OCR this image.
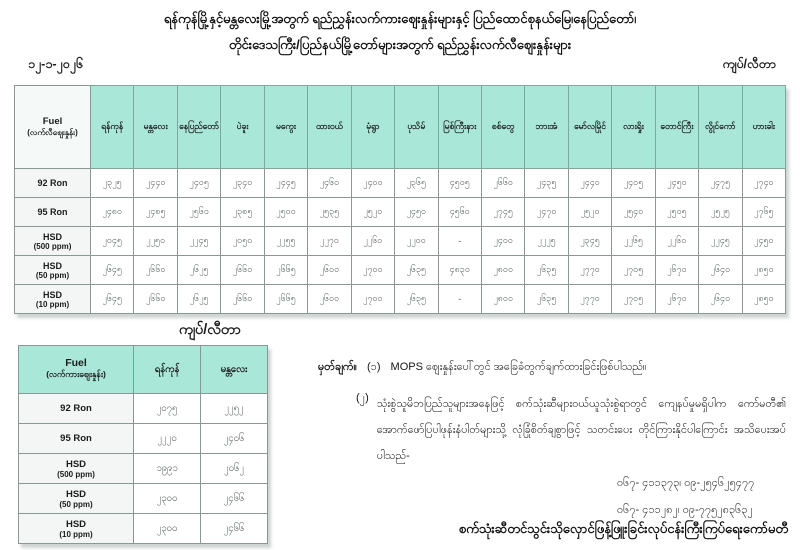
ရန်ကုန်မြို့နှင့်မန္တလေးမြို့အတွက် ရည်ညွှန်းလက်ကားဈေးနှုန်းများနှင့် ပြည်ထောင်စုနယ်မြေ၊နေပြည်တော်၊
တိုင်းဒေသကြီး/ပြည်နယ်မြို့တော်များအတွက် ရည်ညွှန်းလက်လီဈေးနှုန်းများ
၁၂-၁-၂၀၂၆	ကျပ်/လီတာ
Fuel
(လက်လီဈေးနှုန်း)	ရန်ကုန်	မန္တလေး	နေပြည်တော်	ပဲခူး	မကွေး	ထားဝယ်	မုံရွာ	ပုသိမ်	မြစ်ကြီးနား	စစ်တွေ	ဘားအံ	မော်လမြိုင်	လားရှိုး	တောင်ကြီး	လွိုင်ကော်	ဟားခါး

92 Ron	၂၃၂၅	၂၄၄၀	၂၄၀၅	၂၃၄၀	၂၄၄၅	၂၄၆၀	၂၄၀၀	၂၃၆၅	၄၅၀၅	၂၆၆၀	၂၄၃၅	၂၄၄၀	၂၄၀၅	၂၄၅၀	၂၄၇၅	၂၇၄၀

95 Ron	၂၄၈၀	၂၄၈၅	၂၅၆၀	၂၃၈၅	၂၅၀၀	၂၅၃၅	၂၅၂၀	၂၄၅၀	၄၅၆၀	၂၇၄၅	၂၄၇၀	၂၅၂၀	၂၅၄၀	၂၅၀၅	၂၅၂၅	၂၇၆၅

HSD
(500 ppm)	၂၀၄၅	၂၂၅၀	၂၂၄၅	၂၀၅၀	၂၂၅၅	၂၂၇၀	၂၂၆၀	၂၂၀၀	-	၂၄၀၀	၂၂၂၅	၂၃၄၅	၂၂၆၅	၂၂၆၀	၂၂၄၅	၂၄၅၀

HSD
(50 ppm)	၂၆၄၅	၂၆၆၀	၂၆၂၅	၂၆၆၀	၂၆၆၅	၂၆၀၀	၂၇၀၀	၂၆၃၅	၄၈၃၀	၂၈၀၀	၂၆၃၅	၂၇၇၀	၂၇၀၅	၂၆၇၀	၂၆၄၀	၂၈၅၀

HSD
(10 ppm)	၂၆၄၅	၂၆၆၀	၂၆၂၅	၂၆၆၀	၂၆၆၅	၂၆၀၀	၂၇၀၀	၂၆၃၅	-	၂၈၀၀	၂၆၃၅	၂၇၇၀	၂၇၀၅	၂၆၇၀	၂၆၄၀	၂၈၅၀
ကျပ်/လီတာ
Fuel
(လက်ကားဈေးနှုန်း)	ရန်ကုန်	မန္တလေး

92 Ron	၂၀၇၅	၂၂၅၂

95 Ron	၂၂၂၀	၂၄၀၆

HSD
(500 ppm)	၁၉၉၁	၂၀၆၂

HSD
(50 ppm)	၂၃၀၀	၂၄၆၆

HSD
(10 ppm)	၂၃၀၀	၂၄၆၆
မှတ်ချက်။ (၁) MOPS ဈေးနှုန်းပေါ်တွင် အခြေခံတွက်ချက်ထားခြင်းဖြစ်ပါသည်။
(၂) သုံးစွဲသူမိဘပြည်သူများအနေဖြင့် စက်သုံးဆီများဝယ်ယူသုံးစွဲရာတွင် ကျေနပ်မှုမရှိပါက ကော်မတီ၏ အောက်ဖော်ပြပါဖုန်းနံပါတ်များသို့ လုံခြုံစိတ်ချစွာဖြင့် သတင်းပေး တိုင်ကြားနိုင်ပါကြောင်း အသိပေးအပ်ပါသည်-
ဝ၆၇- ၄၁၁၃၇၃၊ ဝ၉-၂၅၄၆၂၅၄၇၇
ဝ၆၇- ၄၁၁၂၈၂၊ ဝ၉-၇၇၅၂၈၃၆၃၂
စက်သုံးဆီတင်သွင်းသိုလှောင်ဖြန့်ဖြူးခြင်းလုပ်ငန်းကြီးကြပ်ရေးကော်မတီ
